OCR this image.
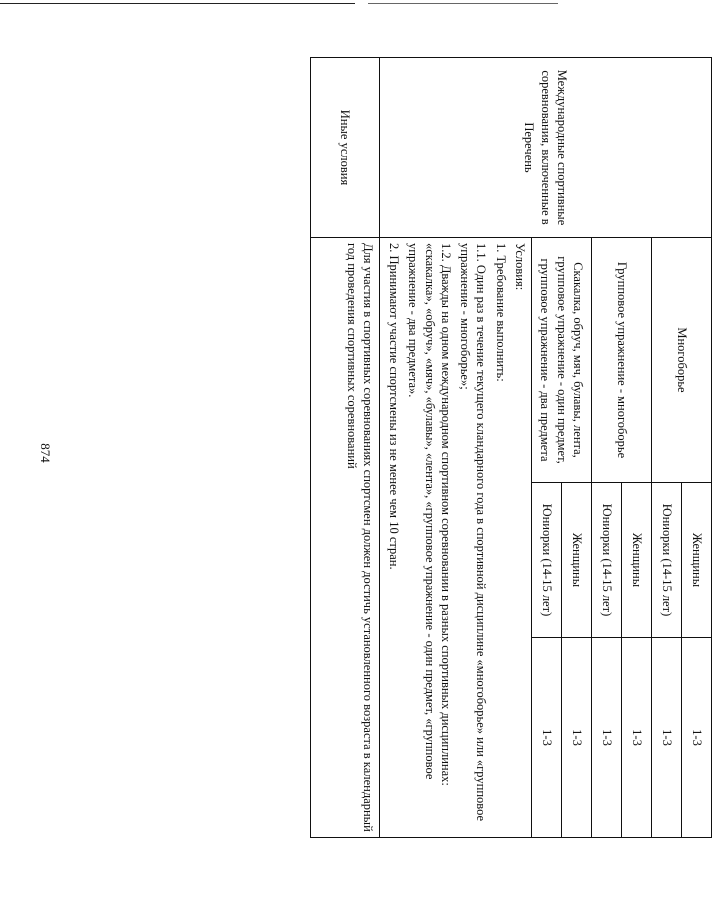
874
Международные спортивные соревнования, включенные в Перечень	Многоборье	Женщины	1-3
		Юниорки (14-15 лет)	1-3
	Групповое упражнение - многоборье	Женщины	1-3
		Юниорки (14-15 лет)	1-3
	Скакалка, обруч, мяч, булавы, лента, групповое упражнение - один предмет, групповое упражнение - два предмета	Женщины	1-3
		Юниорки (14-15 лет)	1-3

	Условия:

1. Требование выполнить:

1.1. Один раз в течение текущего кландарного года в спортивной дисциплине «многоборье» или «групповое упражнение - многоборье»;

1.2. Дважды на одном международном спортивном соревновании в разных спортивных дисциплинах: «скакалка», «обруч», «мяч», «булавы», «лента», «групповое упражнение - один предмет, «групповое упражнение - два предмета».

2. Принимают участие спортсмены из не менее чем 10 стран.		

Иные условия	Для участия в спортивных соревнованиях спортсмен должен достичь установленного возраста в календарный год проведения спортивных соревнований		
